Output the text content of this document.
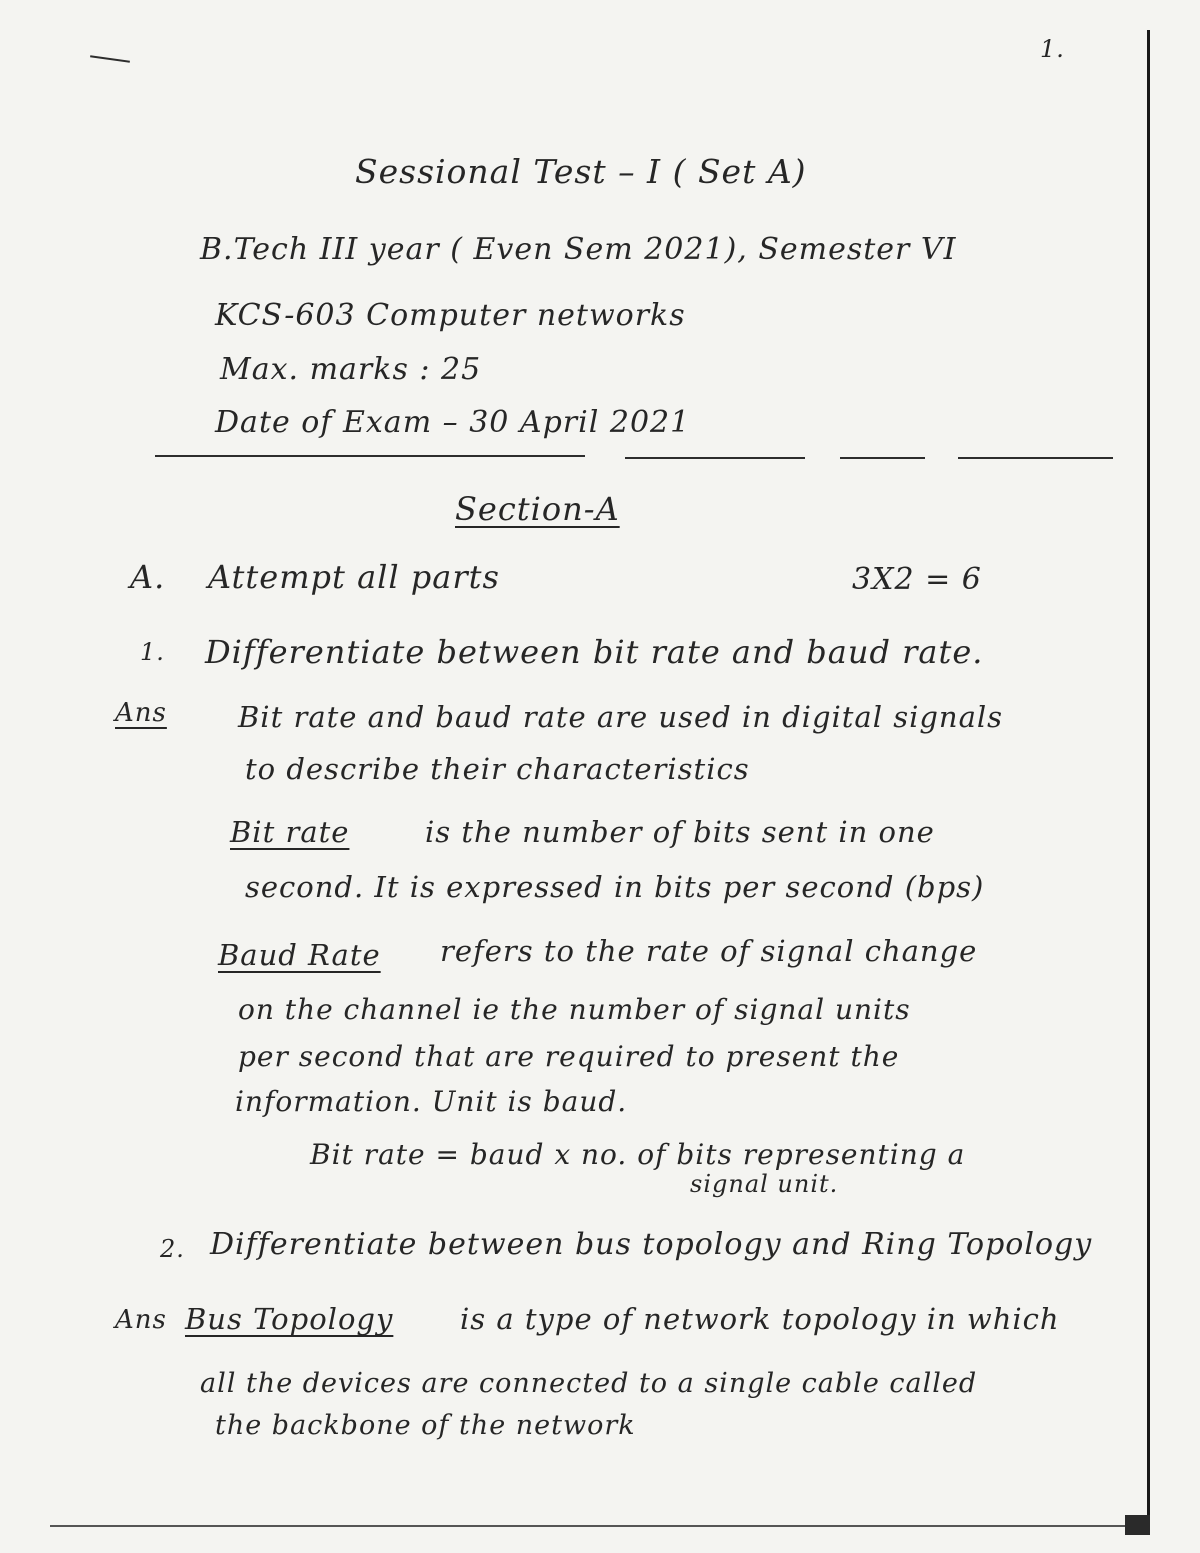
1.
Sessional Test – I ( Set A)
B.Tech III year ( Even Sem 2021), Semester VI
KCS-603 Computer networks
Max. marks : 25
Date of Exam – 30 April 2021
Section-A
A. Attempt all parts	3X2 = 6
1. Differentiate between bit rate and baud rate.
Ans Bit rate and baud rate are used in digital signals
to describe their characteristics
Bit rate	is the number of bits sent in one
second. It is expressed in bits per second (bps)
Baud Rate refers to the rate of signal change
on the channel ie the number of signal units
per second that are required to present the
information. Unit is baud.
Bit rate = baud x no. of bits representing a
signal unit.
2. Differentiate between bus topology and Ring Topology
Ans Bus Topology is a type of network topology in which
all the devices are connected to a single cable called
the backbone of the network
